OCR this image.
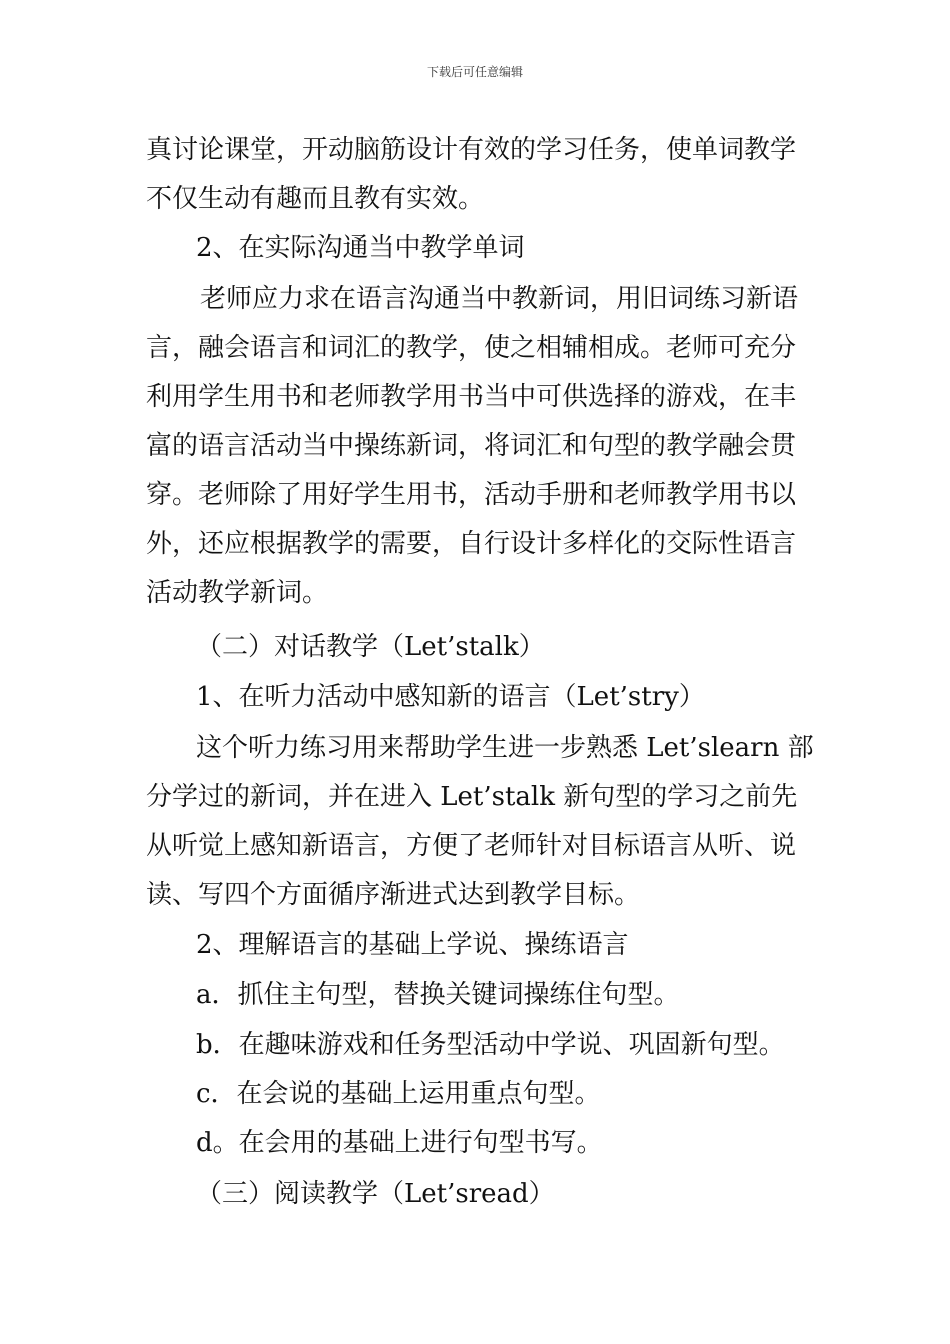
下载后可任意编辑
真讨论课堂，开动脑筋设计有效的学习任务，使单词教学
不仅生动有趣而且教有实效。
2、在实际沟通当中教学单词
老师应力求在语言沟通当中教新词，用旧词练习新语
言，融会语言和词汇的教学，使之相辅相成。老师可充分
利用学生用书和老师教学用书当中可供选择的游戏，在丰
富的语言活动当中操练新词，将词汇和句型的教学融会贯
穿。老师除了用好学生用书，活动手册和老师教学用书以
外，还应根据教学的需要，自行设计多样化的交际性语言
活动教学新词。
（二）对话教学（Let’stalk）
1、在听力活动中感知新的语言（Let’stry）
这个听力练习用来帮助学生进一步熟悉 Let’slearn 部
分学过的新词，并在进入 Let’stalk 新句型的学习之前先
从听觉上感知新语言，方便了老师针对目标语言从听、说
读、写四个方面循序渐进式达到教学目标。
2、理解语言的基础上学说、操练语言
a．抓住主句型，替换关键词操练住句型。
b．在趣味游戏和任务型活动中学说、巩固新句型。
c．在会说的基础上运用重点句型。
d。在会用的基础上进行句型书写。
（三）阅读教学（Let’sread）
